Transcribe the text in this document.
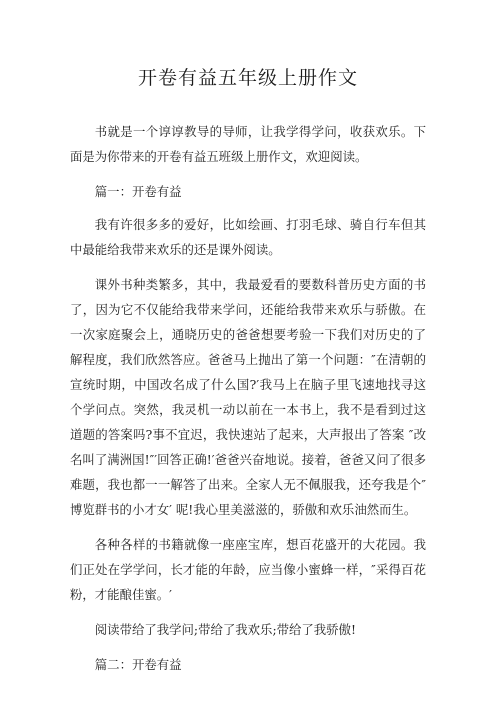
开卷有益五年级上册作文

书就是一个谆谆教导的导师，让我学得学问，收获欢乐。下面是为你带来的开卷有益五班级上册作文，欢迎阅读。

篇一：开卷有益

我有许很多多的爱好，比如绘画、打羽毛球、骑自行车但其中最能给我带来欢乐的还是课外阅读。

课外书种类繁多，其中，我最爱看的要数科普历史方面的书了，因为它不仅能给我带来学问，还能给我带来欢乐与骄傲。在一次家庭聚会上，通晓历史的爸爸想要考验一下我们对历史的了解程度，我们欣然答应。爸爸马上抛出了第一个问题：″在清朝的宣统时期，中国改名成了什么国?′我马上在脑子里飞速地找寻这个学问点。突然，我灵机一动以前在一本书上，我不是看到过这道题的答案吗?事不宜迟，我快速站了起来，大声报出了答案 ″改名叫了满洲国!″′回答正确!′爸爸兴奋地说。接着，爸爸又问了很多难题，我也都一一解答了出来。全家人无不佩服我，还夸我是个″博览群书的小才女′ 呢!我心里美滋滋的，骄傲和欢乐油然而生。

各种各样的书籍就像一座座宝库，想百花盛开的大花园。我们正处在学学问，长才能的年龄，应当像小蜜蜂一样，″采得百花粉，才能酿佳蜜。′

阅读带给了我学问;带给了我欢乐;带给了我骄傲!

篇二：开卷有益
